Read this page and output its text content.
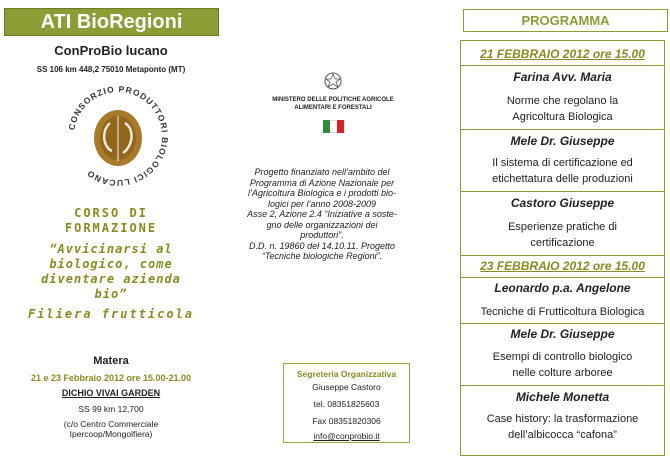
ATI BioRegioni
ConProBio lucano
SS 106 km 448,2 75010 Metaponto (MT)
CONSORZIO PRODUTTORI BIOLOGICI LUCANO
CORSO DI
FORMAZIONE
“Avvicinarsi al
biologico, come
diventare azienda
bio”
Filiera frutticola
Matera
21 e 23 Febbraio 2012 ore 15.00-21.00
DICHIO VIVAI GARDEN
SS 99 km 12,700
(c/o Centro Commerciale
Ipercoop/Mongolfiera)
MINISTERO DELLE POLITICHE AGRICOLE
ALIMENTARI E FORESTALI
Progetto finanziato nell’ambito del
Programma di Azione Nazionale per
l’Agricoltura Biologica e i prodotti bio-
logici per l’anno 2008-2009
Asse 2, Azione 2.4 “Iniziative a soste-
gno delle organizzazioni dei
produttori”.
D.D. n. 19860 del 14.10.11. Progetto
“Tecniche biologiche Regioni”.
Segreteria Organizzativa
Giuseppe Castoro
tel. 08351825603
Fax 08351820306
info@conprobio.it
PROGRAMMA
21 FEBBRAIO 2012 ore 15.00
Farina Avv. Maria
Norme che regolano la
Agricoltura Biologica
Mele Dr. Giuseppe
Il sistema di certificazione ed
etichettatura delle produzioni
Castoro Giuseppe
Esperienze pratiche di
certificazione
23 FEBBRAIO 2012 ore 15.00
Leonardo p.a. Angelone
Tecniche di Frutticoltura Biologica
Mele Dr. Giuseppe
Esempi di controllo biologico
nelle colture arboree
Michele Monetta
Case history: la trasformazione
dell’albicocca “cafona”
